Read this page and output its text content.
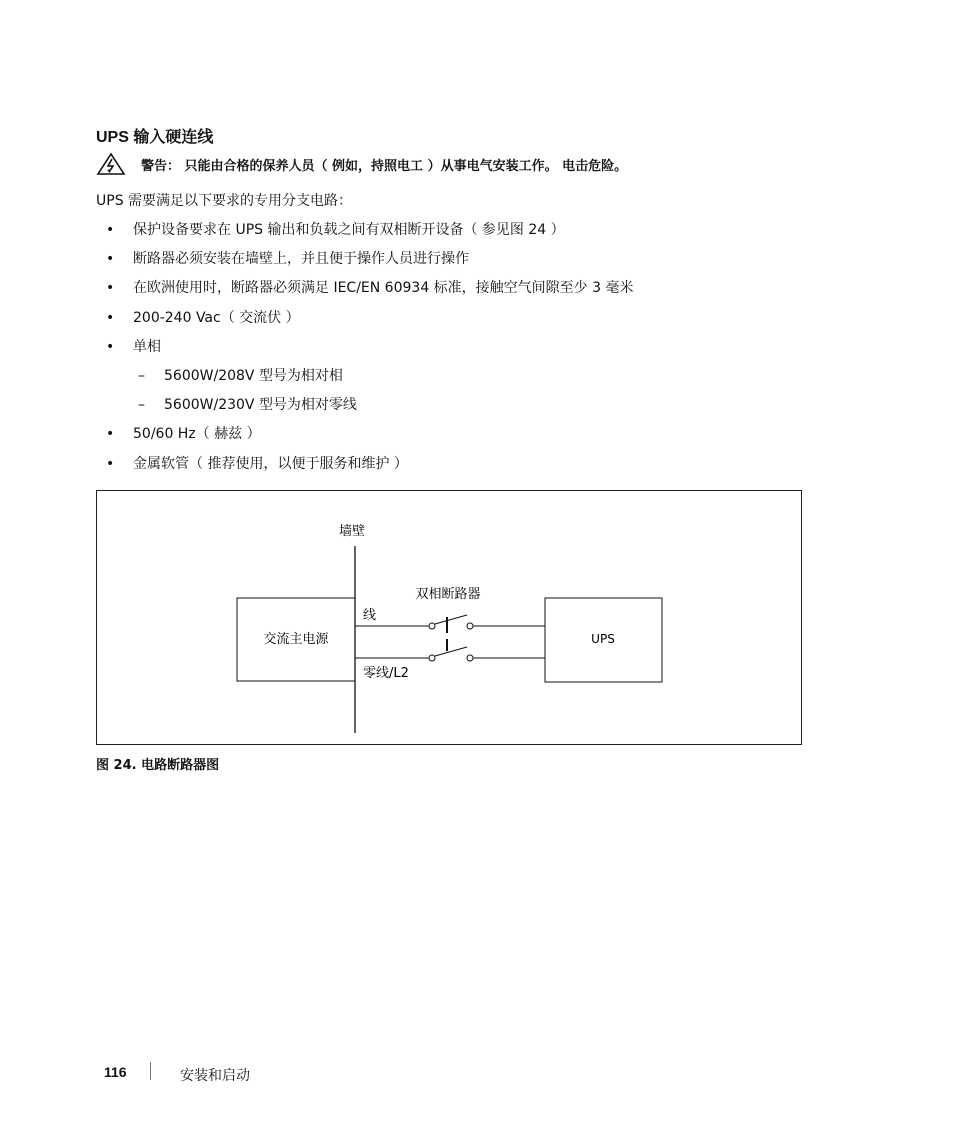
UPS 输入硬连线
警告： 只能由合格的保养人员（ 例如，持照电工 ）从事电气安装工作。 电击危险。
UPS 需要满足以下要求的专用分支电路：
•	保护设备要求在 UPS 输出和负载之间有双相断开设备（ 参见图 24 ）
•	断路器必须安装在墙壁上，并且便于操作人员进行操作
•	在欧洲使用时，断路器必须满足 IEC/EN 60934 标准，接触空气间隙至少 3 毫米
•	200-240 Vac（ 交流伏 ）
•	单相
–	5600W/208V 型号为相对相
–	5600W/230V 型号为相对零线
•	50/60 Hz（ 赫兹 ）
•	金属软管（ 推荐使用，以便于服务和维护 ）
墙壁
交流主电源	UPS
线
零线/L2
双相断路器
图 24. 电路断路器图
116	安装和启动
